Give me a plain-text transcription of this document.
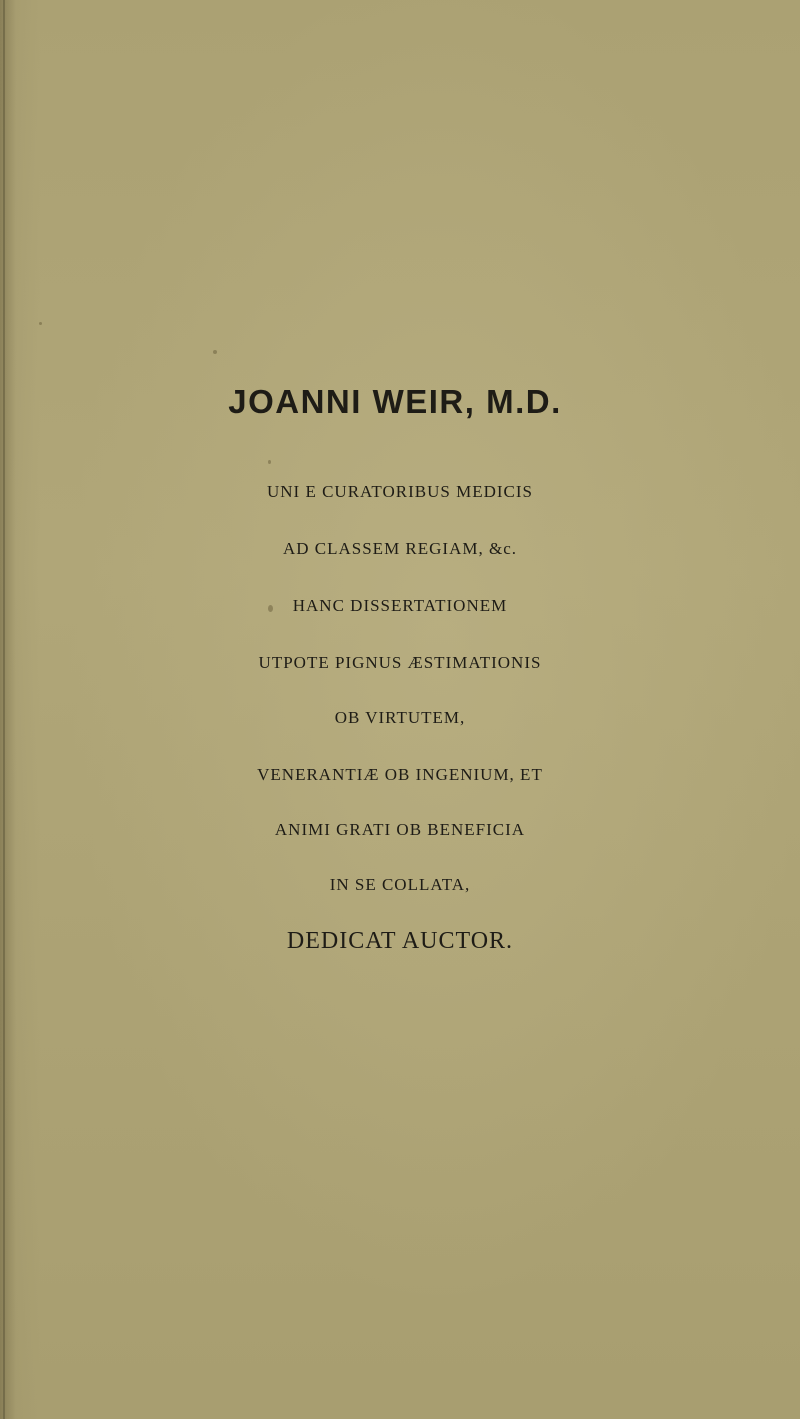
JOANNI WEIR, M.D.
UNI E CURATORIBUS MEDICIS
AD CLASSEM REGIAM, &c.
HANC DISSERTATIONEM
UTPOTE PIGNUS ÆSTIMATIONIS
OB VIRTUTEM,
VENERANTIÆ OB INGENIUM, ET
ANIMI GRATI OB BENEFICIA
IN SE COLLATA,
DEDICAT AUCTOR.
